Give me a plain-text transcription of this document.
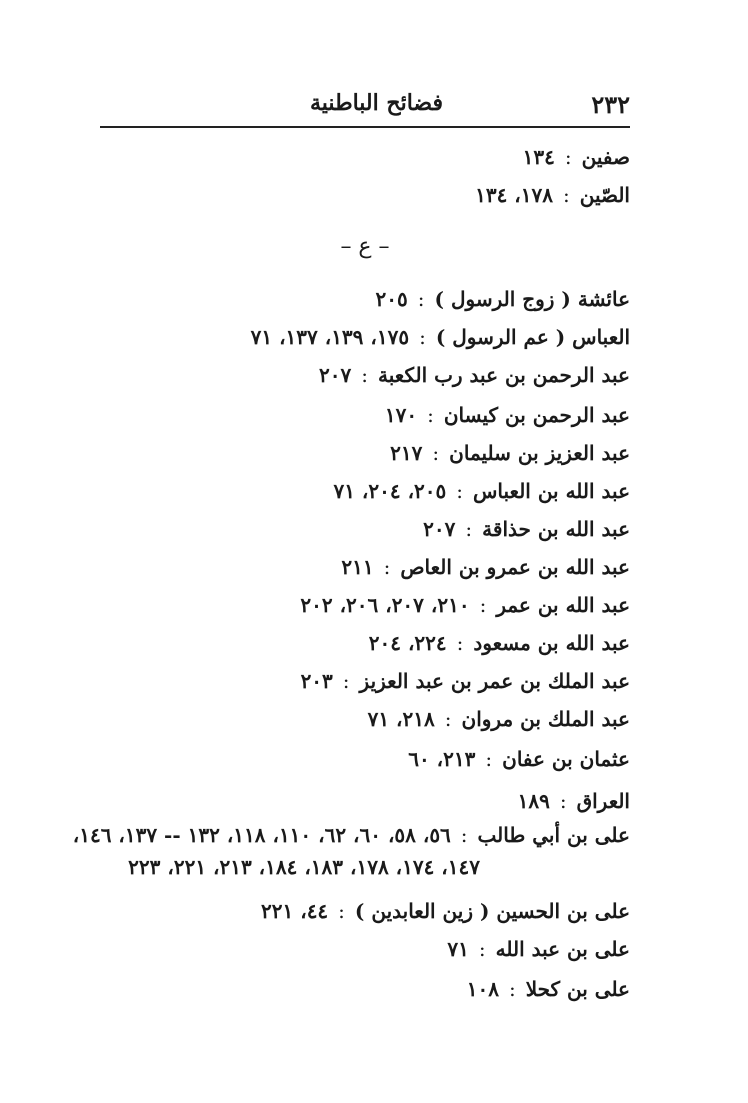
٢٣٢
فضائح الباطنية
صفين:١٣٤
الصّين:١٧٨، ١٣٤
– ع –
عائشة ( زوج الرسول ):٢٠٥
العباس ( عم الرسول ):١٧٥، ١٣٩، ١٣٧، ٧١
عبد الرحمن بن عبد رب الكعبة:٢٠٧
عبد الرحمن بن كيسان:١٧٠
عبد العزيز بن سليمان:٢١٧
عبد الله بن العباس:٢٠٥، ٢٠٤، ٧١
عبد الله بن حذاقة:٢٠٧
عبد الله بن عمرو بن العاص:٢١١
عبد الله بن عمر:٢١٠، ٢٠٧، ٢٠٦، ٢٠٢
عبد الله بن مسعود:٢٢٤، ٢٠٤
عبد الملك بن عمر بن عبد العزيز:٢٠٣
عبد الملك بن مروان:٢١٨، ٧١
عثمان بن عفان:٢١٣، ٦٠
العراق:١٨٩
على بن أبي طالب:٥٦، ٥٨، ٦٠، ٦٢، ١١٠، ١١٨، ١٣٢ -- ١٣٧، ١٤٦،
١٤٧، ١٧٤، ١٧٨، ١٨٣، ١٨٤، ٢١٣، ٢٢١، ٢٢٣
على بن الحسين ( زين العابدين ):٤٤، ٢٢١
على بن عبد الله:٧١
على بن كحلا:١٠٨
